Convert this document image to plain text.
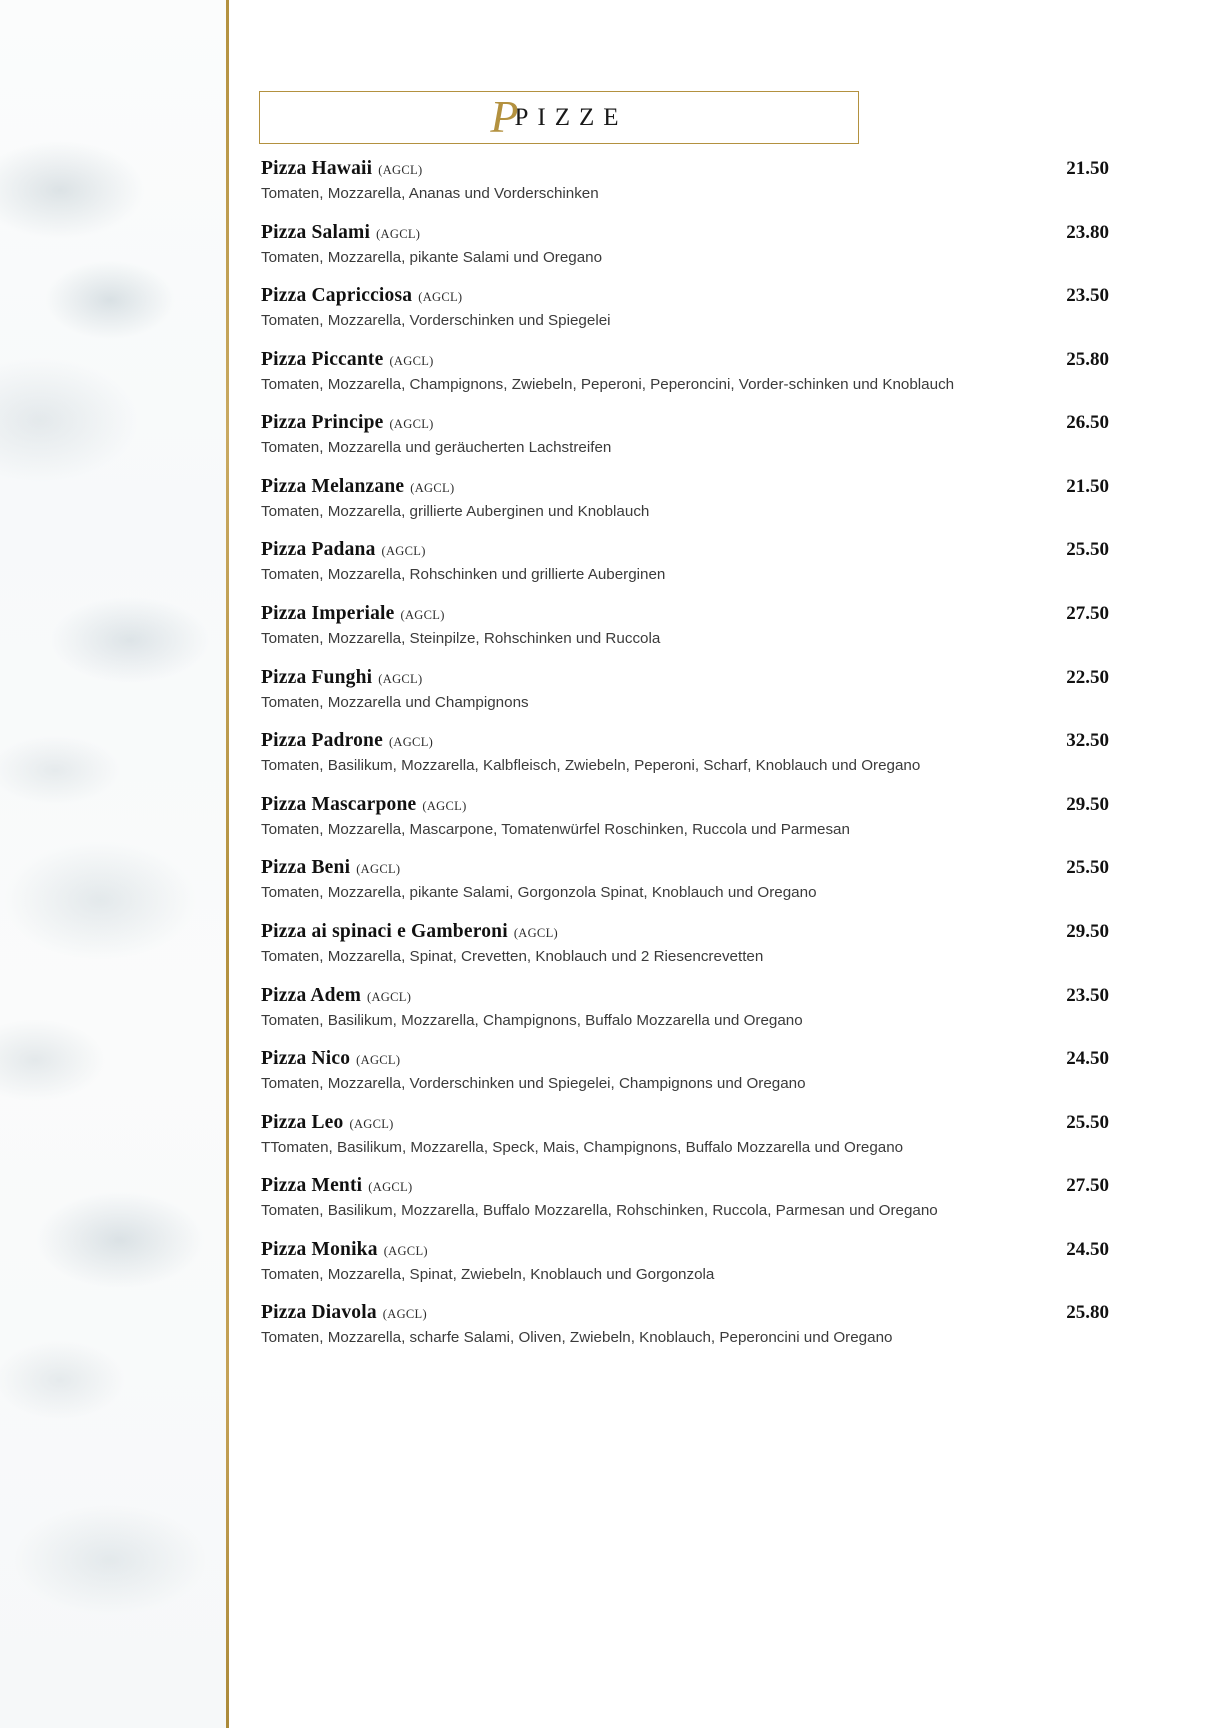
PPIZZE
Pizza Hawaii (AGCL)	21.50
Tomaten, Mozzarella, Ananas und Vorderschinken
Pizza Salami (AGCL)	23.80
Tomaten, Mozzarella, pikante Salami und Oregano
Pizza Capricciosa (AGCL)	23.50
Tomaten, Mozzarella, Vorderschinken und Spiegelei
Pizza Piccante (AGCL)	25.80
Tomaten, Mozzarella, Champignons, Zwiebeln, Peperoni, Peperoncini, Vorder-schinken und Knoblauch
Pizza Principe (AGCL)	26.50
Tomaten, Mozzarella und geräucherten Lachstreifen
Pizza Melanzane (AGCL)	21.50
Tomaten, Mozzarella, grillierte Auberginen und Knoblauch
Pizza Padana (AGCL)	25.50
Tomaten, Mozzarella, Rohschinken und grillierte Auberginen
Pizza Imperiale (AGCL)	27.50
Tomaten, Mozzarella, Steinpilze, Rohschinken und Ruccola
Pizza Funghi (AGCL)	22.50
Tomaten, Mozzarella und Champignons
Pizza Padrone (AGCL)	32.50
Tomaten, Basilikum, Mozzarella, Kalbfleisch, Zwiebeln, Peperoni, Scharf, Knoblauch und Oregano
Pizza Mascarpone (AGCL)	29.50
Tomaten, Mozzarella, Mascarpone, Tomatenwürfel Roschinken, Ruccola und Parmesan
Pizza Beni (AGCL)	25.50
Tomaten, Mozzarella, pikante Salami, Gorgonzola Spinat, Knoblauch und Oregano
Pizza ai spinaci e Gamberoni (AGCL)	29.50
Tomaten, Mozzarella, Spinat, Crevetten, Knoblauch und 2 Riesencrevetten
Pizza Adem (AGCL)	23.50
Tomaten, Basilikum, Mozzarella, Champignons, Buffalo Mozzarella und Oregano
Pizza Nico (AGCL)	24.50
Tomaten, Mozzarella, Vorderschinken und Spiegelei, Champignons und Oregano
Pizza Leo (AGCL)	25.50
TTomaten, Basilikum, Mozzarella, Speck, Mais, Champignons, Buffalo Mozzarella und Oregano
Pizza Menti (AGCL)	27.50
Tomaten, Basilikum, Mozzarella, Buffalo Mozzarella, Rohschinken, Ruccola, Parmesan und Oregano
Pizza Monika (AGCL)	24.50
Tomaten, Mozzarella, Spinat, Zwiebeln, Knoblauch und Gorgonzola
Pizza Diavola (AGCL)	25.80
Tomaten, Mozzarella, scharfe Salami, Oliven, Zwiebeln, Knoblauch, Peperoncini und Oregano
